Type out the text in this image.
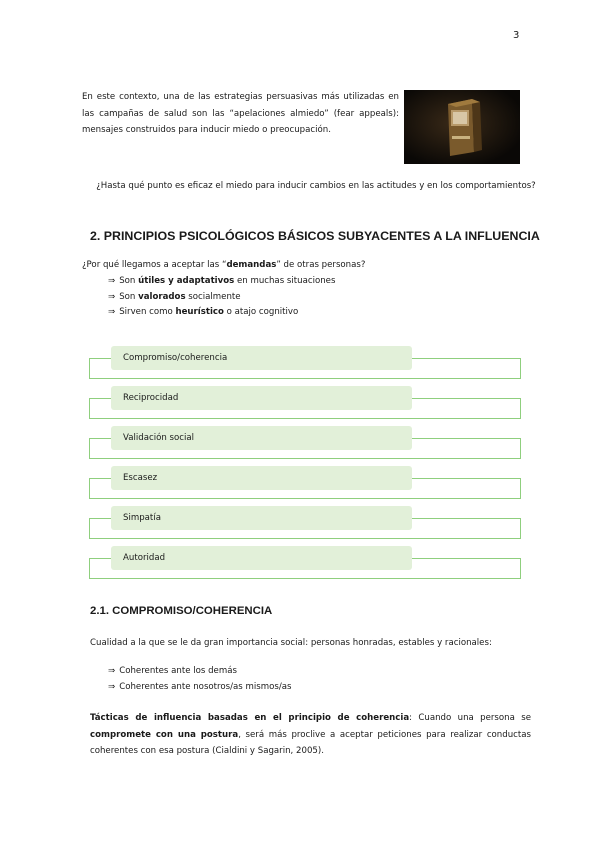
3
En este contexto, una de las estrategias persuasivas más utilizadas en las campañas de salud son las “apelaciones almiedo” (fear appeals): mensajes construidos para inducir miedo o preocupación.
¿Hasta qué punto es eficaz el miedo para inducir cambios en las actitudes y en los comportamientos?
2. PRINCIPIOS PSICOLÓGICOS BÁSICOS SUBYACENTES A LA INFLUENCIA
¿Por qué llegamos a aceptar las “demandas” de otras personas?
⇒ Son útiles y adaptativos en muchas situaciones
⇒ Son valorados socialmente
⇒ Sirven como heurístico o atajo cognitivo
Compromiso/coherencia
Reciprocidad
Validación social
Escasez
Simpatía
Autoridad
2.1. COMPROMISO/COHERENCIA
Cualidad a la que se le da gran importancia social: personas honradas, estables y racionales:
⇒ Coherentes ante los demás
⇒ Coherentes ante nosotros/as mismos/as
Tácticas de influencia basadas en el principio de coherencia: Cuando una persona se compromete con una postura, será más proclive a aceptar peticiones para realizar conductas coherentes con esa postura (Cialdini y Sagarin, 2005).
